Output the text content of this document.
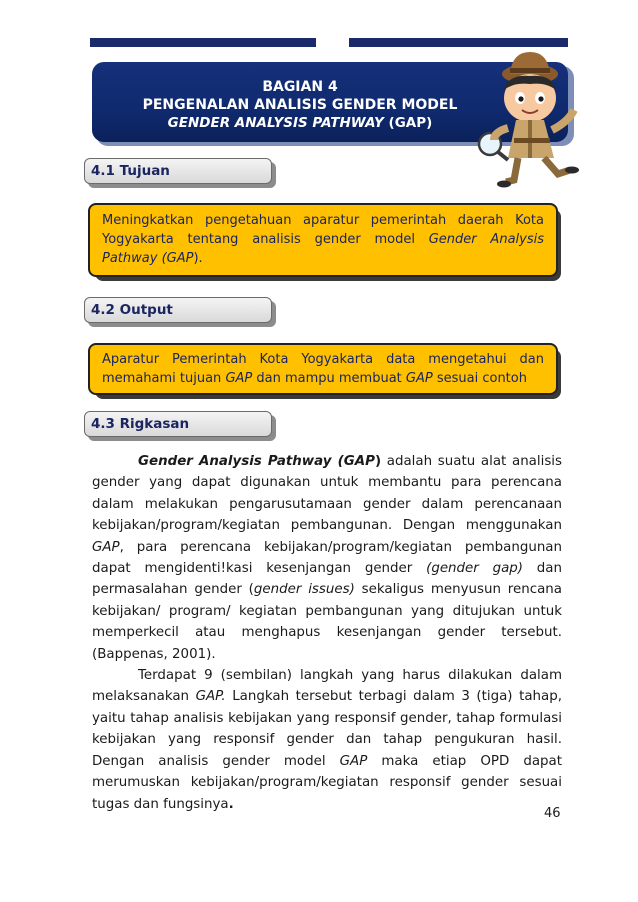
BAGIAN 4
PENGENALAN ANALISIS GENDER MODEL
GENDER ANALYSIS PATHWAY (GAP)
4.1 Tujuan
Meningkatkan pengetahuan aparatur pemerintah daerah Kota Yogyakarta tentang analisis gender model Gender Analysis Pathway (GAP).
4.2 Output
Aparatur Pemerintah Kota Yogyakarta data mengetahui dan memahami tujuan GAP dan mampu membuat GAP sesuai contoh
4.3 Rigkasan

Gender Analysis Pathway (GAP) adalah suatu alat analisis gender yang dapat digunakan untuk membantu para perencana dalam melakukan pengarusutamaan gender dalam perencanaan kebijakan/program/kegiatan pembangunan. Dengan menggunakan GAP, para perencana kebijakan/program/kegiatan pembangunan dapat mengidenti!kasi kesenjangan gender (gender gap) dan permasalahan gender (gender issues) sekaligus menyusun rencana kebijakan/ program/ kegiatan pembangunan yang ditujukan untuk memperkecil atau menghapus kesenjangan gender tersebut. (Bappenas, 2001).

Terdapat 9 (sembilan) langkah yang harus dilakukan dalam melaksanakan GAP. Langkah tersebut terbagi dalam 3 (tiga) tahap, yaitu tahap analisis kebijakan yang responsif gender, tahap formulasi kebijakan yang responsif gender dan tahap pengukuran hasil. Dengan analisis gender model GAP maka etiap OPD dapat merumuskan kebijakan/program/kegiatan responsif gender sesuai tugas dan fungsinya.

46
